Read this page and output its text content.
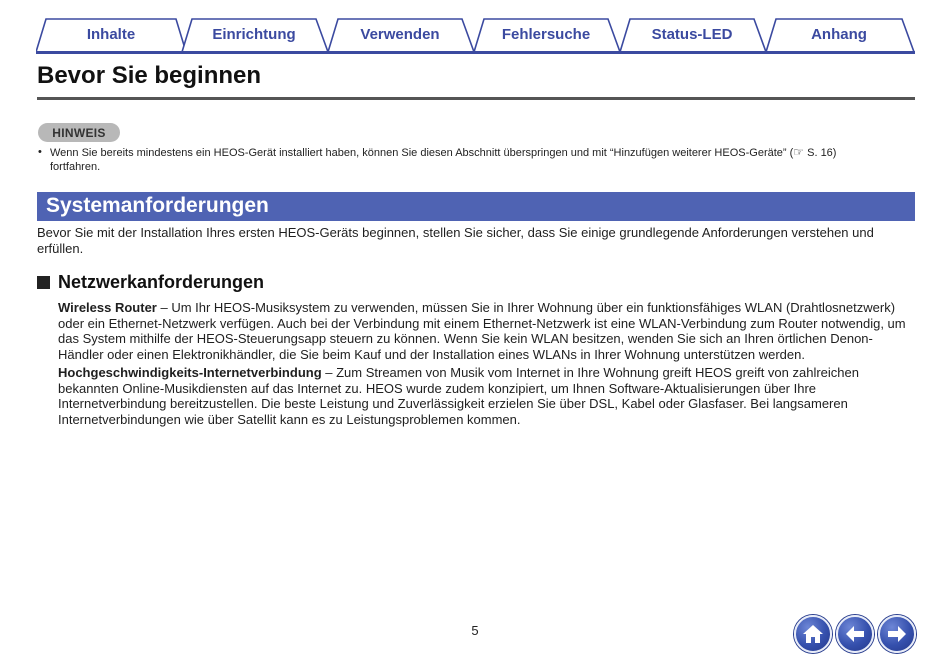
Inhalte	Einrichtung	Verwenden	Fehlersuche	Status-LED	Anhang
Bevor Sie beginnen
HINWEIS
• Wenn Sie bereits mindestens ein HEOS-Gerät installiert haben, können Sie diesen Abschnitt überspringen und mit “Hinzufügen weiterer HEOS-Geräte” (☞ S. 16) fortfahren.
Systemanforderungen

Bevor Sie mit der Installation Ihres ersten HEOS-Geräts beginnen, stellen Sie sicher, dass Sie einige grundlegende Anforderungen verstehen und erfüllen.

Netzwerkanforderungen

Wireless Router – Um Ihr HEOS-Musiksystem zu verwenden, müssen Sie in Ihrer Wohnung über ein funktionsfähiges WLAN (Drahtlosnetzwerk) oder ein Ethernet-Netzwerk verfügen. Auch bei der Verbindung mit einem Ethernet-Netzwerk ist eine WLAN-Verbindung zum Router notwendig, um das System mithilfe der HEOS-Steuerungsapp steuern zu können. Wenn Sie kein WLAN besitzen, wenden Sie sich an Ihren örtlichen Denon-Händler oder einen Elektronikhändler, die Sie beim Kauf und der Installation eines WLANs in Ihrer Wohnung unterstützen werden.

Hochgeschwindigkeits-Internetverbindung – Zum Streamen von Musik vom Internet in Ihre Wohnung greift HEOS greift von zahlreichen bekannten Online-Musikdiensten auf das Internet zu. HEOS wurde zudem konzipiert, um Ihnen Software-Aktualisierungen über Ihre Internetverbindung bereitzustellen. Die beste Leistung und Zuverlässigkeit erzielen Sie über DSL, Kabel oder Glasfaser. Bei langsameren Internetverbindungen wie über Satellit kann es zu Leistungsproblemen kommen.

5
